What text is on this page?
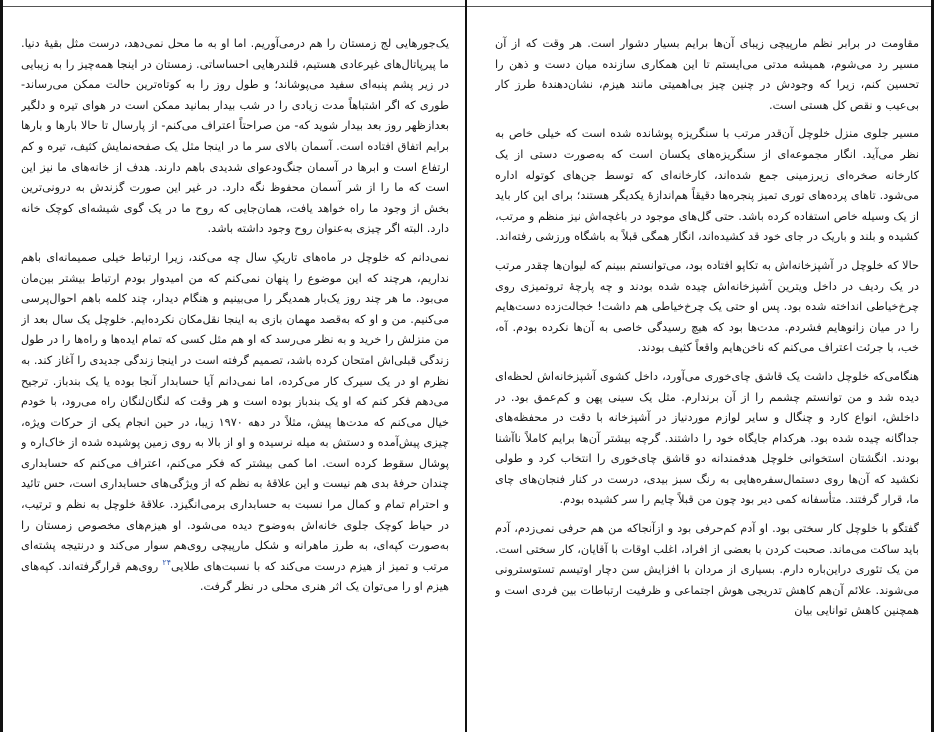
یک‌جورهایی لج زمستان را هم درمی‌آوریم. اما او به ما محل نمی‌دهد، درست مثل بقیهٔ دنیا. ما پیرپاتال‌های غیرعادی هستیم، قلندرهایی احساساتی. زمستان در اینجا همه‌چیز را به زیبایی در زیر پشم پنبه‌ای سفید می‌پوشاند؛ و طول روز را به کوتاه‌ترین حالت ممکن می‌رساند- طوری که اگر اشتباهاً مدت زیادی را در شب بیدار بمانید ممکن است در هوای تیره و دلگیر بعدازظهر روز بعد بیدار شوید که- من صراحتاً اعتراف می‌کنم- از پارسال تا حالا بارها و بارها برایم اتفاق افتاده است. آسمان بالای سر ما در اینجا مثل یک صفحه‌نمایش کثیف، تیره و کم ارتفاع است و ابرها در آسمان جنگ‌ودعوای شدیدی باهم دارند. هدف از خانه‌های ما نیز این است که ما را از شر آسمان محفوظ نگه دارد. در غیر این صورت گزندش به درونی‌ترین بخش از وجود ما راه خواهد یافت، همان‌جایی که روح ما در یک گوی شیشه‌ای کوچک خانه دارد. البته اگر چیزی به‌عنوان روح وجود داشته باشد.

نمی‌دانم که خلوچل در ماه‌های تاریکِ سال چه می‌کند، زیرا ارتباط خیلی صمیمانه‌ای باهم نداریم، هرچند که این موضوع را پنهان نمی‌کنم که من امیدوار بودم ارتباط بیشتر بین‌مان می‌بود. ما هر چند روز یک‌بار همدیگر را می‌بینیم و هنگام دیدار، چند کلمه باهم احوال‌پرسی می‌کنیم. من و او که به‌قصد مهمان بازی به اینجا نقل‌مکان نکرده‌ایم. خلوچل یک سال بعد از من منزلش را خرید و به نظر می‌رسد که او هم مثل کسی که تمام ایده‌ها و راه‌ها را در طول زندگی قبلی‌اش امتحان کرده باشد، تصمیم گرفته است در اینجا زندگی جدیدی را آغاز کند. به نظرم او در یک سیرک کار می‌کرده، اما نمی‌دانم آیا حسابدار آنجا بوده یا یک بندباز. ترجیح می‌دهم فکر کنم که او یک بندباز بوده است و هر وقت که لنگان‌لنگان راه می‌رود، با خودم خیال می‌کنم که مدت‌ها پیش، مثلاً در دهه ۱۹۷۰ زیبا، در حین انجام یکی از حرکات ویژه، چیزی پیش‌آمده و دستش به میله نرسیده و او از بالا به روی زمین پوشیده شده از خاک‌اره و پوشال سقوط کرده است. اما کمی بیشتر که فکر می‌کنم، اعتراف می‌کنم که حسابداری چندان حرفهٔ بدی هم نیست و این علاقهٔ به نظم که از ویژگی‌های حسابداری است، حس تائید و احترام تمام و کمال مرا نسبت به حسابداری برمی‌انگیزد. علاقهٔ خلوچل به نظم و ترتیب، در حیاط کوچک جلوی خانه‌اش به‌وضوح دیده می‌شود. او هیزم‌های مخصوص زمستان را به‌صورت کپه‌ای، به طرز ماهرانه و شکل مارپیچی روی‌هم سوار می‌کند و درنتیجه پشته‌ای مرتب و تمیز از هیزم درست می‌کند که با نسبت‌های طلایی$^{۲۴}$ روی‌هم قرارگرفته‌اند. کپه‌های هیزم او را می‌توان یک اثر هنری محلی در نظر گرفت.

مقاومت در برابر نظم مارپیچی زیبای آن‌ها برایم بسیار دشوار است. هر وقت که از آن مسیر رد می‌شوم، همیشه مدتی می‌ایستم تا این همکاری سازنده میان دست و ذهن را تحسین کنم، زیرا که وجودش در چنین چیز بی‌اهمیتی مانند هیزم، نشان‌دهندهٔ طرز کار بی‌عیب و نقص کل هستی است.

مسیر جلوی منزل خلوچل آن‌قدر مرتب با سنگریزه پوشانده شده است که خیلی خاص به نظر می‌آید. انگار مجموعه‌ای از سنگریزه‌های یکسان است که به‌صورت دستی از یک کارخانه صخره‌ای زیرزمینی جمع شده‌اند، کارخانه‌ای که توسط جن‌های کوتوله اداره می‌شود. تاهای پرده‌های توری تمیز پنجره‌ها دقیقاً هم‌اندازهٔ یکدیگر هستند؛ برای این کار باید از یک وسیله خاص استفاده کرده باشد. حتی گل‌های موجود در باغچه‌اش نیز منظم و مرتب، کشیده و بلند و باریک در جای خود قد کشیده‌اند، انگار همگی قبلاً به باشگاه ورزشی رفته‌اند.

حالا که خلوچل در آشپزخانه‌اش به تکاپو افتاده بود، می‌توانستم ببینم که لیوان‌ها چقدر مرتب در یک ردیف در داخل ویترین آشپزخانه‌اش چیده شده بودند و چه پارچهٔ تروتمیزی روی چرخ‌خیاطی انداخته شده بود. پس او حتی یک چرخ‌خیاطی هم داشت! خجالت‌زده دست‌هایم را در میان زانوهایم فشردم. مدت‌ها بود که هیچ رسیدگی خاصی به آن‌ها نکرده بودم. آه، خب، با جرئت اعتراف می‌کنم که ناخن‌هایم واقعاً کثیف بودند.

هنگامی‌که خلوچل داشت یک قاشق چای‌خوری می‌آورد، داخل کشوی آشپزخانه‌اش لحظه‌ای دیده شد و من توانستم چشمم را از آن برندارم. مثل یک سینی پهن و کم‌عمق بود. در داخلش، انواع کارد و چنگال و سایر لوازم موردنیاز در آشپزخانه با دقت در محفظه‌های جداگانه چیده شده بود. هرکدام جایگاه خود را داشتند. گرچه بیشتر آن‌ها برایم کاملاً ناآشنا بودند. انگشتان استخوانی خلوچل هدفمندانه دو قاشق چای‌خوری را انتخاب کرد و طولی نکشید که آن‌ها روی دستمال‌سفره‌هایی به رنگ سبز بیدی، درست در کنار فنجان‌های چای ما، قرار گرفتند. متأسفانه کمی دیر بود چون من قبلاً چایم را سر کشیده بودم.

گفتگو با خلوچل کار سختی بود. او آدم کم‌حرفی بود و ازآنجاکه من هم حرفی نمی‌زدم، آدم باید ساکت می‌ماند. صحبت کردن با بعضی از افراد، اغلب اوقات با آقایان، کار سختی است. من یک تئوری دراین‌باره دارم. بسیاری از مردان با افزایش سن دچار اوتیسم تستوسترونی می‌شوند. علائم آن‌هم کاهش تدریجی هوش اجتماعی و ظرفیت ارتباطات بین فردی است و همچنین کاهش توانایی بیان
